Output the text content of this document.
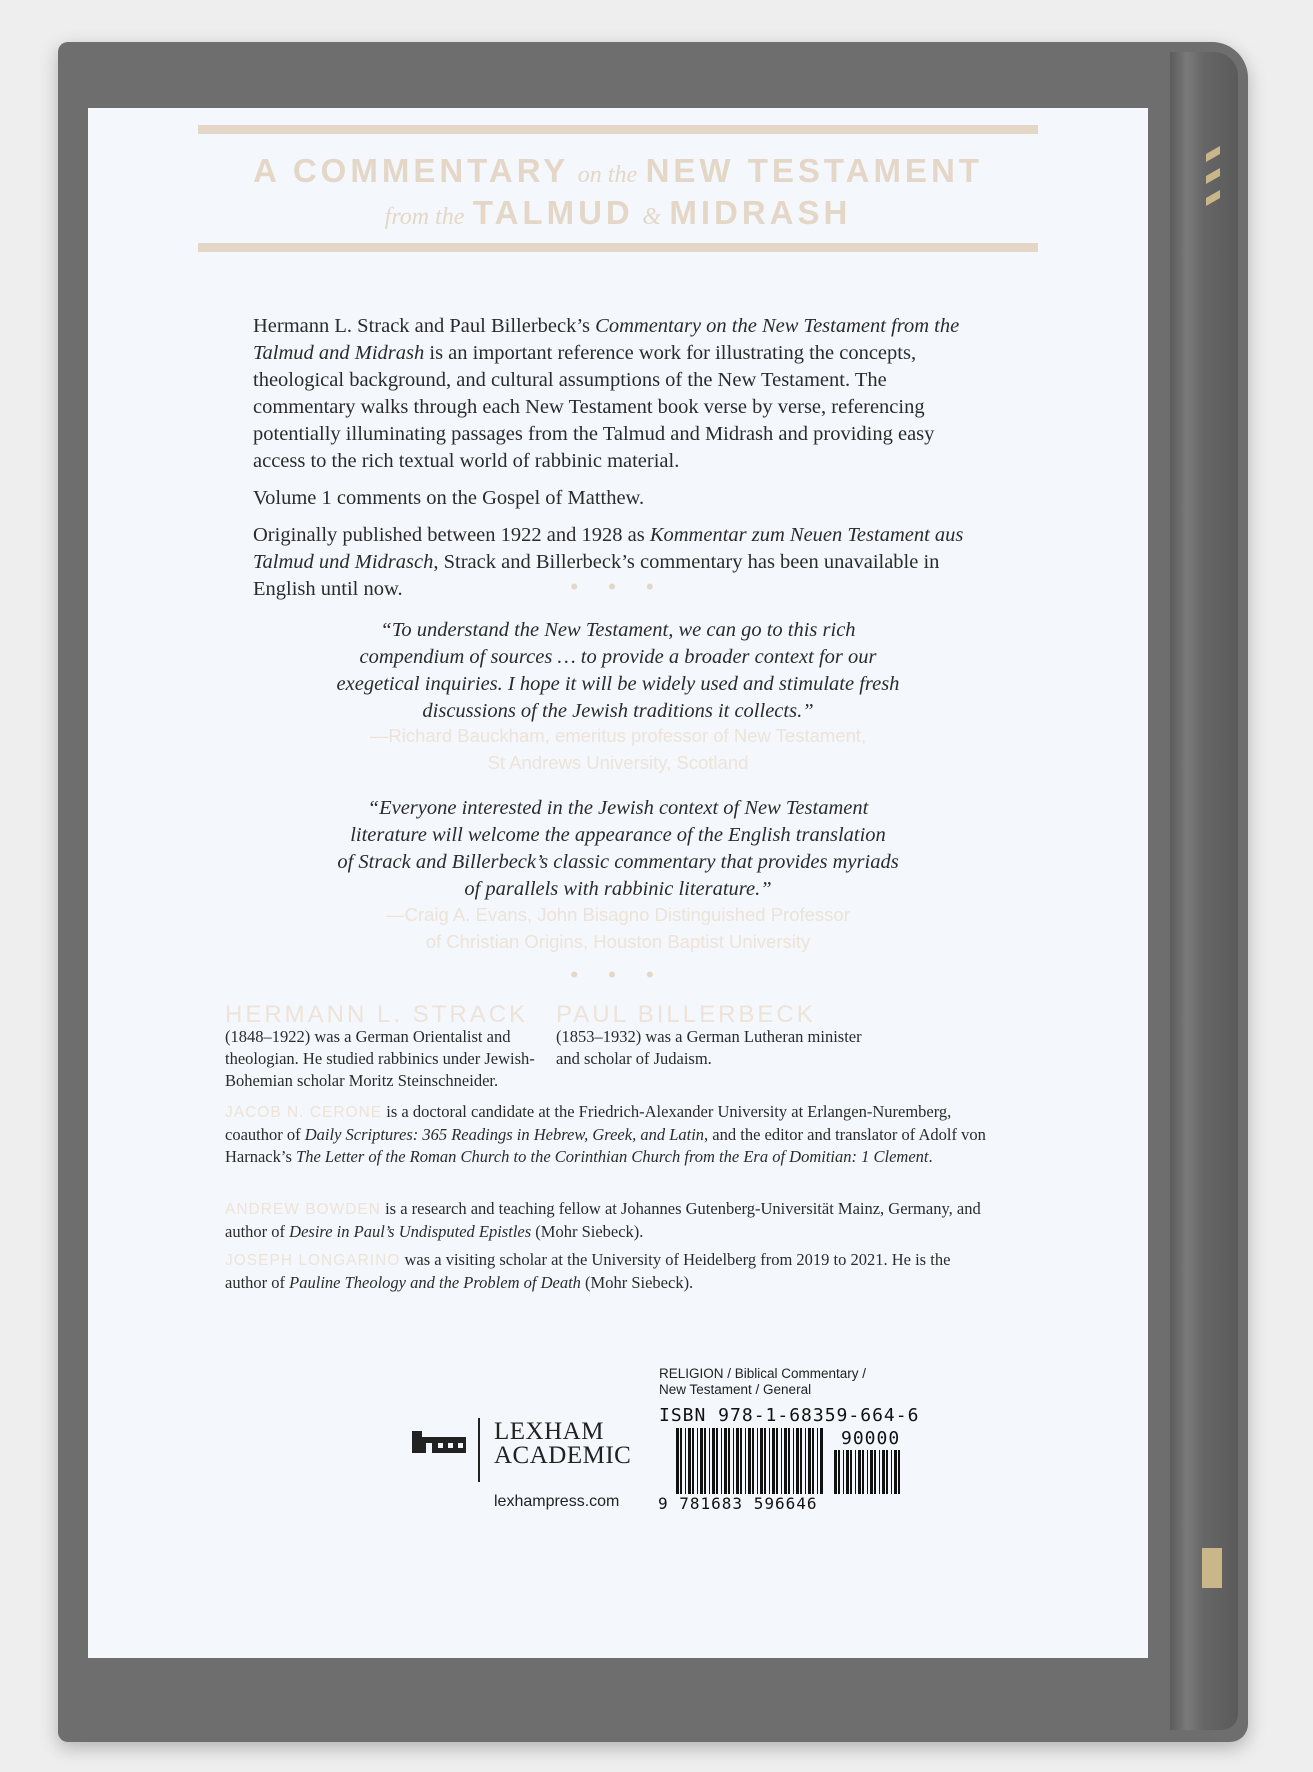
A COMMENTARY on the NEW TESTAMENT
from the TALMUD & MIDRASH

Hermann L. Strack and Paul Billerbeck’s Commentary on the New Testament from the Talmud and Midrash is an important reference work for illustrating the concepts, theological background, and cultural assumptions of the New Testament. The commentary walks through each New Testament book verse by verse, referencing potentially illuminating passages from the Talmud and Midrash and providing easy access to the rich textual world of rabbinic material.

Volume 1 comments on the Gospel of Matthew.

Originally published between 1922 and 1928 as Kommentar zum Neuen Testament aus Talmud und Midrasch, Strack and Billerbeck’s commentary has been unavailable in English until now.	• • •
“To understand the New Testament, we can go to this rich
compendium of sources … to provide a broader context for our
exegetical inquiries. I hope it will be widely used and stimulate fresh
discussions of the Jewish traditions it collects.”
—Richard Bauckham, emeritus professor of New Testament,
St Andrews University, Scotland
“Everyone interested in the Jewish context of New Testament
literature will welcome the appearance of the English translation
of Strack and Billerbeck’s classic commentary that provides myriads
of parallels with rabbinic literature.”
—Craig A. Evans, John Bisagno Distinguished Professor
of Christian Origins, Houston Baptist University
• • •
HERMANN L. STRACK
(1848–1922) was a German Orientalist and
theologian. He studied rabbinics under Jewish-
Bohemian scholar Moritz Steinschneider.
PAUL BILLERBECK
(1853–1932) was a German Lutheran minister
and scholar of Judaism.
JACOB N. CERONE is a doctoral candidate at the Friedrich-Alexander University at Erlangen-Nuremberg, coauthor of Daily Scriptures: 365 Readings in Hebrew, Greek, and Latin, and the editor and translator of Adolf von Harnack’s The Letter of the Roman Church to the Corinthian Church from the Era of Domitian: 1 Clement.
ANDREW BOWDEN is a research and teaching fellow at Johannes Gutenberg-Universität Mainz, Germany, and author of Desire in Paul’s Undisputed Epistles (Mohr Siebeck).
JOSEPH LONGARINO was a visiting scholar at the University of Heidelberg from 2019 to 2021. He is the author of Pauline Theology and the Problem of Death (Mohr Siebeck).
LEXHAM
ACADEMIC
lexhampress.com
RELIGION / Biblical Commentary /
New Testament / General
ISBN 978-1-68359-664-6
90000
9 781683 596646
